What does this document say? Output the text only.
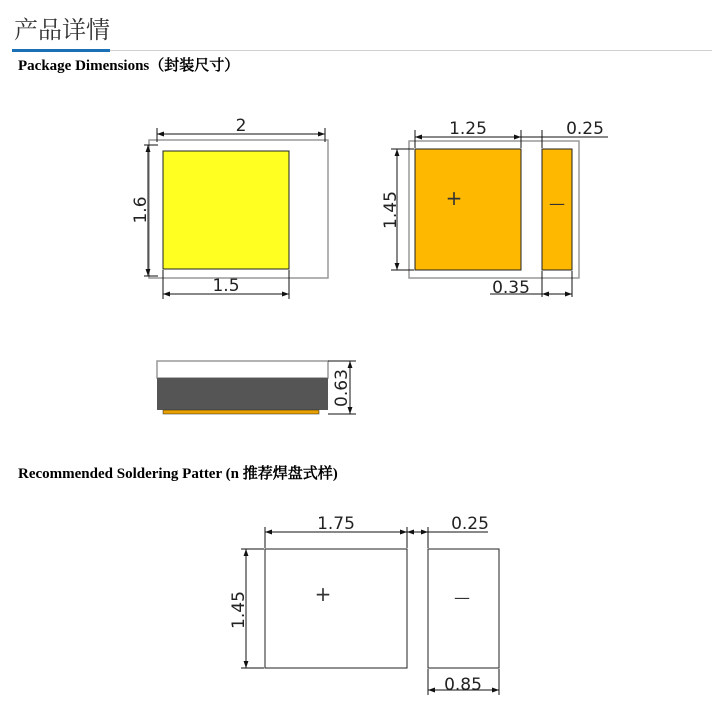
产品详情
Package Dimensions（封装尺寸）
Recommended Soldering Patter (n 推荐焊盘式样)
2
1.6
1.5
+	—
1.25	0.25
1.45
0.35
0.63
+	—
1.75	0.25
1.45
0.85
